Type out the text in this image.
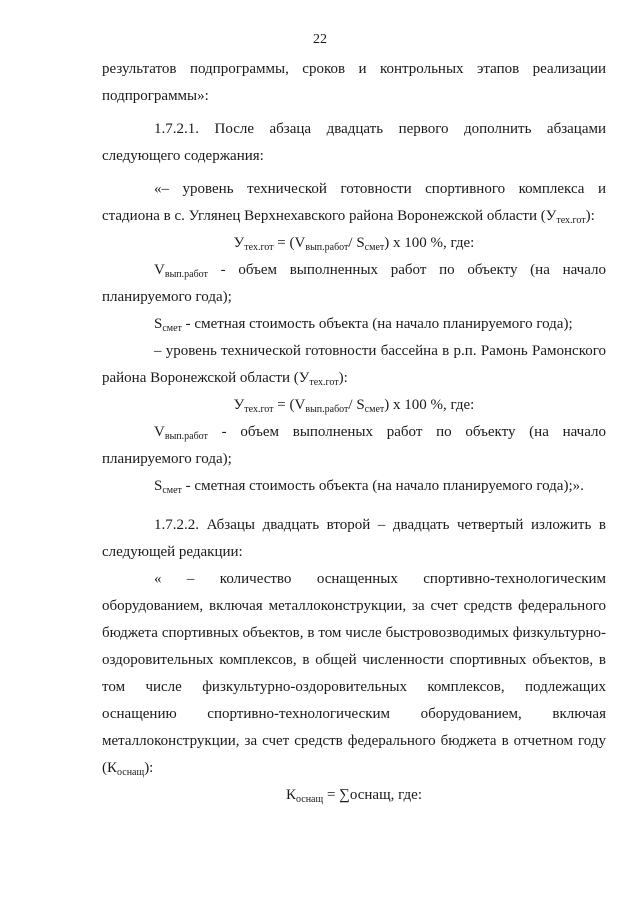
22

результатов подпрограммы, сроков и контрольных этапов реализации подпрограммы»:

1.7.2.1. После абзаца двадцать первого дополнить абзацами следующего содержания:

«– уровень технической готовности спортивного комплекса и стадиона в с. Углянец Верхнехавского района Воронежской области $(У_{тех.гот})$:

$У_{тех.гот} = (V_{вып.работ}/$ $S_{смет}$) x 100 %, где:

$V_{вып.работ}$ - объем выполненных работ по объекту (на начало планируемого года);

$S_{смет}$ - сметная стоимость объекта (на начало планируемого года);

– уровень технической готовности бассейна в р.п. Рамонь Рамонского района Воронежской области $(У_{тех.гот})$:

$У_{тех.гот} = (V_{вып.работ}/$ $S_{смет}$) x 100 %, где:

$V_{вып.работ}$ - объем выполненых работ по объекту (на начало планируемого года);

$S_{смет}$ - сметная стоимость объекта (на начало планируемого года);».

1.7.2.2. Абзацы двадцать второй – двадцать четвертый изложить в следующей редакции:

« – количество оснащенных спортивно-технологическим оборудованием, включая металлоконструкции, за счет средств федерального бюджета спортивных объектов, в том числе быстровозводимых физкультурно-оздоровительных комплексов, в общей численности спортивных объектов, в том числе физкультурно-оздоровительных комплексов, подлежащих оснащению спортивно-технологическим оборудованием, включая металлоконструкции, за счет средств федерального бюджета в отчетном году $(К_{оснащ})$:

$К_{оснащ}$ = ∑оснащ, где:
